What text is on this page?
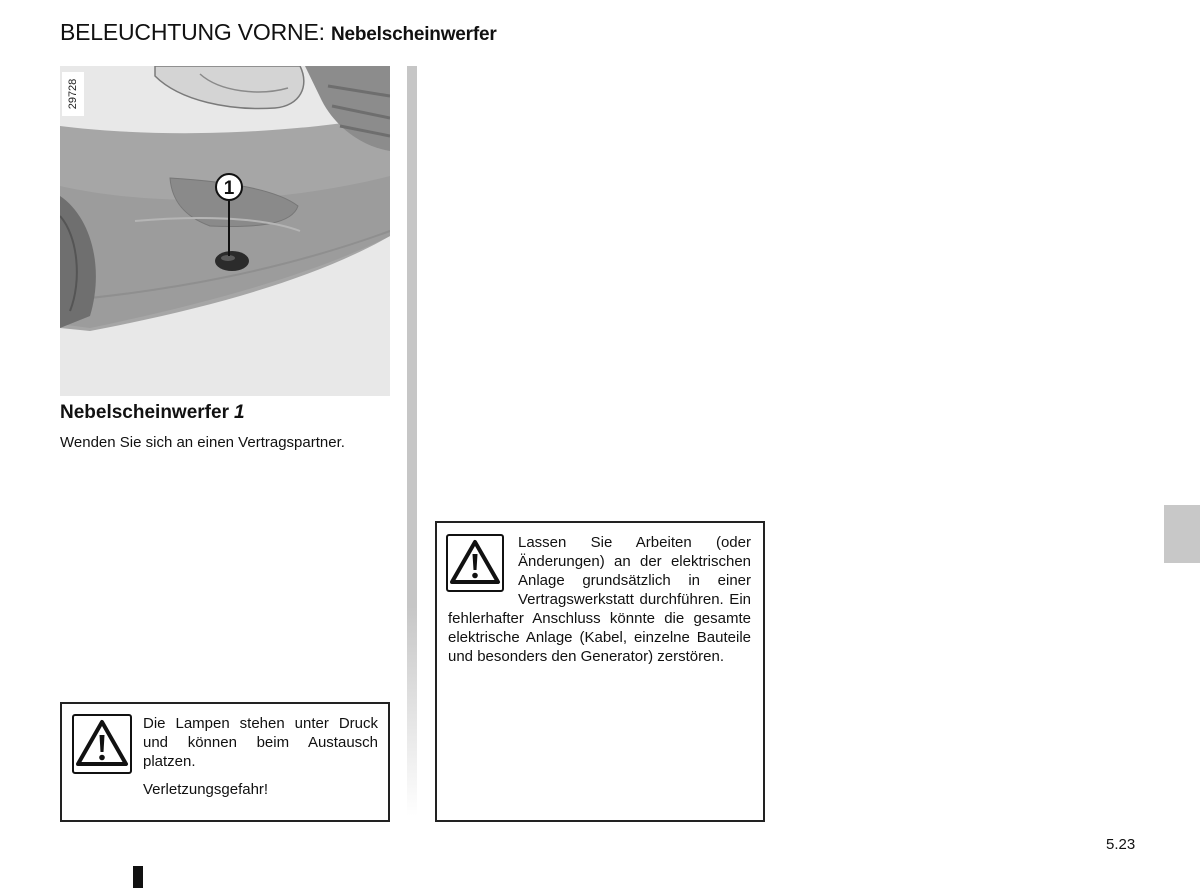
BELEUCHTUNG VORNE: Nebelscheinwerfer
1
29728
Nebelscheinwerfer 1
Wenden Sie sich an einen Vertragspartner.
Die Lampen stehen unter Druck und können beim Austausch platzen.
Verletzungsgefahr!
Lassen Sie Arbeiten (oder Änderungen) an der elektrischen Anlage grundsätzlich in einer Vertragswerkstatt durchführen. Ein fehlerhafter Anschluss könnte die gesamte elektrische Anlage (Kabel, einzelne Bauteile und besonders den Generator) zerstören.
5.23
